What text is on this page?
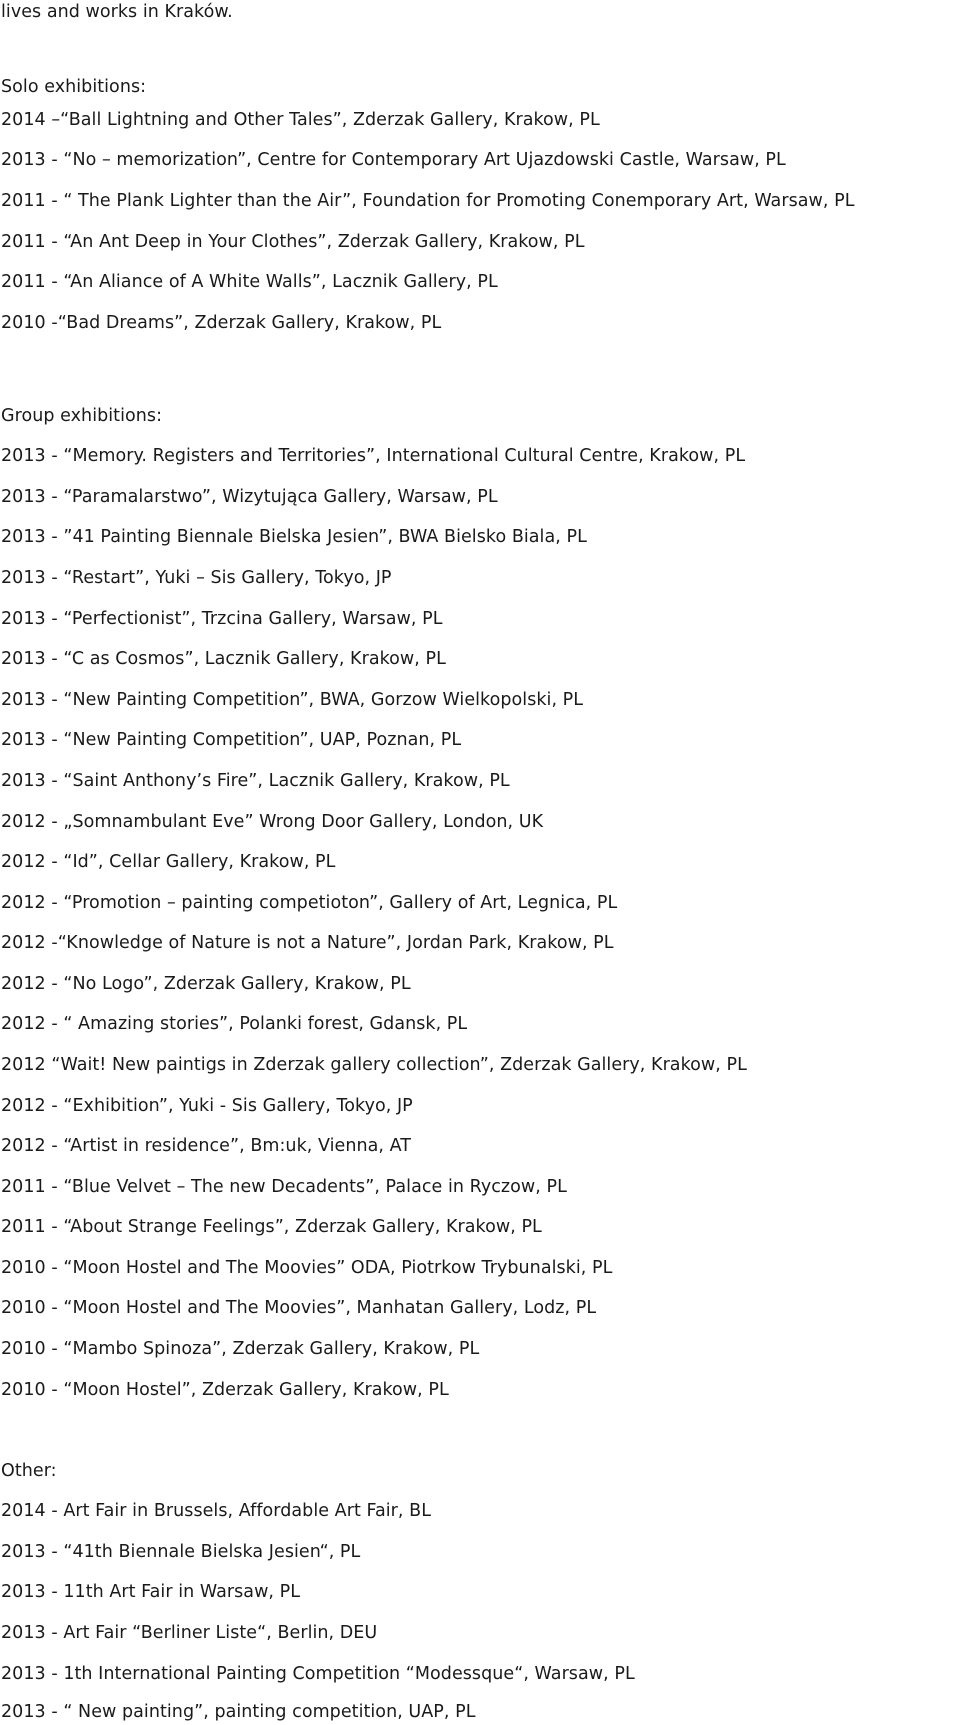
lives and works in Kraków.
Solo exhibitions:
2014 –“Ball Lightning and Other Tales”, Zderzak Gallery, Krakow, PL
2013 - “No – memorization”, Centre for Contemporary Art Ujazdowski Castle, Warsaw, PL
2011 - “ The Plank Lighter than the Air”, Foundation for Promoting Conemporary Art, Warsaw, PL
2011 - “An Ant Deep in Your Clothes”, Zderzak Gallery, Krakow, PL
2011 - “An Aliance of A White Walls”, Lacznik Gallery, PL
2010 -“Bad Dreams”, Zderzak Gallery, Krakow, PL
Group exhibitions:
2013 - “Memory. Registers and Territories”, International Cultural Centre, Krakow, PL
2013 - “Paramalarstwo”, Wizytująca Gallery, Warsaw, PL
2013 - ”41 Painting Biennale Bielska Jesien”, BWA Bielsko Biala, PL
2013 - “Restart”, Yuki – Sis Gallery, Tokyo, JP
2013 - “Perfectionist”, Trzcina Gallery, Warsaw, PL
2013 - “C as Cosmos”, Lacznik Gallery, Krakow, PL
2013 - “New Painting Competition”, BWA, Gorzow Wielkopolski, PL
2013 - “New Painting Competition”, UAP, Poznan, PL
2013 - “Saint Anthony’s Fire”, Lacznik Gallery, Krakow, PL
2012 - „Somnambulant Eve” Wrong Door Gallery, London, UK
2012 - “Id”, Cellar Gallery, Krakow, PL
2012 - “Promotion – painting competioton”, Gallery of Art, Legnica, PL
2012 -“Knowledge of Nature is not a Nature”, Jordan Park, Krakow, PL
2012 - “No Logo”, Zderzak Gallery, Krakow, PL
2012 - “ Amazing stories”, Polanki forest, Gdansk, PL
2012 “Wait! New paintigs in Zderzak gallery collection”, Zderzak Gallery, Krakow, PL
2012 - “Exhibition”, Yuki - Sis Gallery, Tokyo, JP
2012 - “Artist in residence”, Bm:uk, Vienna, AT
2011 - “Blue Velvet – The new Decadents”, Palace in Ryczow, PL
2011 - “About Strange Feelings”, Zderzak Gallery, Krakow, PL
2010 - “Moon Hostel and The Moovies” ODA, Piotrkow Trybunalski, PL
2010 - “Moon Hostel and The Moovies”, Manhatan Gallery, Lodz, PL
2010 - “Mambo Spinoza”, Zderzak Gallery, Krakow, PL
2010 - “Moon Hostel”, Zderzak Gallery, Krakow, PL
Other:
2014 - Art Fair in Brussels, Affordable Art Fair, BL
2013 - “41th Biennale Bielska Jesien“, PL
2013 - 11th Art Fair in Warsaw, PL
2013 - Art Fair “Berliner Liste“, Berlin, DEU
2013 - 1th International Painting Competition “Modessque“, Warsaw, PL
2013 - “ New painting”, painting competition, UAP, PL
